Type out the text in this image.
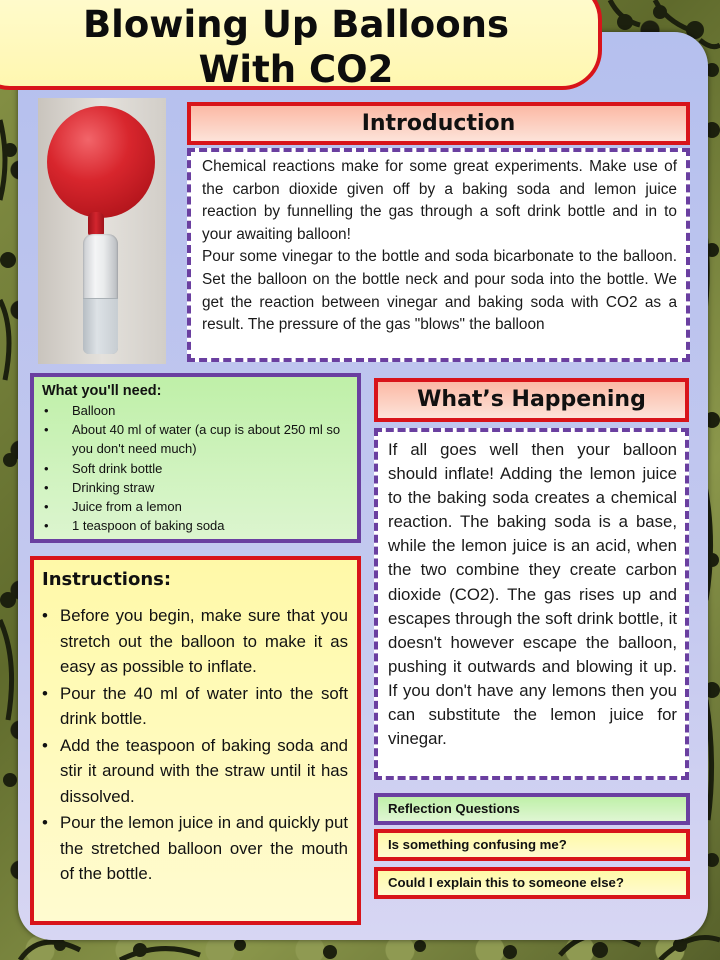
Blowing Up Balloons With CO2
Introduction
Chemical reactions make for some great experiments. Make use of the carbon dioxide given off by a baking soda and lemon juice reaction by funnelling the gas through a soft drink bottle and in to your awaiting balloon!
Pour some vinegar to the bottle and soda bicarbonate to the balloon. Set the balloon on the bottle neck and pour soda into the bottle. We get the reaction between vinegar and baking soda with CO2 as a result. The pressure of the gas "blows" the balloon
What you'll need:
• Balloon
• About 40 ml of water (a cup is about 250 ml so you don't need much)
• Soft drink bottle
• Drinking straw
• Juice from a lemon
• 1 teaspoon of baking soda
Instructions:
• Before you begin, make sure that you stretch out the balloon to make it as easy as possible to inflate.
• Pour the 40 ml of water into the soft drink bottle.
• Add the teaspoon of baking soda and stir it around with the straw until it has dissolved.
• Pour the lemon juice in and quickly put the stretched balloon over the mouth of the bottle.
What’s Happening
If all goes well then your balloon should inflate! Adding the lemon juice to the baking soda creates a chemical reaction. The baking soda is a base, while the lemon juice is an acid, when the two combine they create carbon dioxide (CO2). The gas rises up and escapes through the soft drink bottle, it doesn't however escape the balloon, pushing it outwards and blowing it up. If you don't have any lemons then you can substitute the lemon juice for vinegar.
Reflection Questions
Is something confusing me?
Could I explain this to someone else?
